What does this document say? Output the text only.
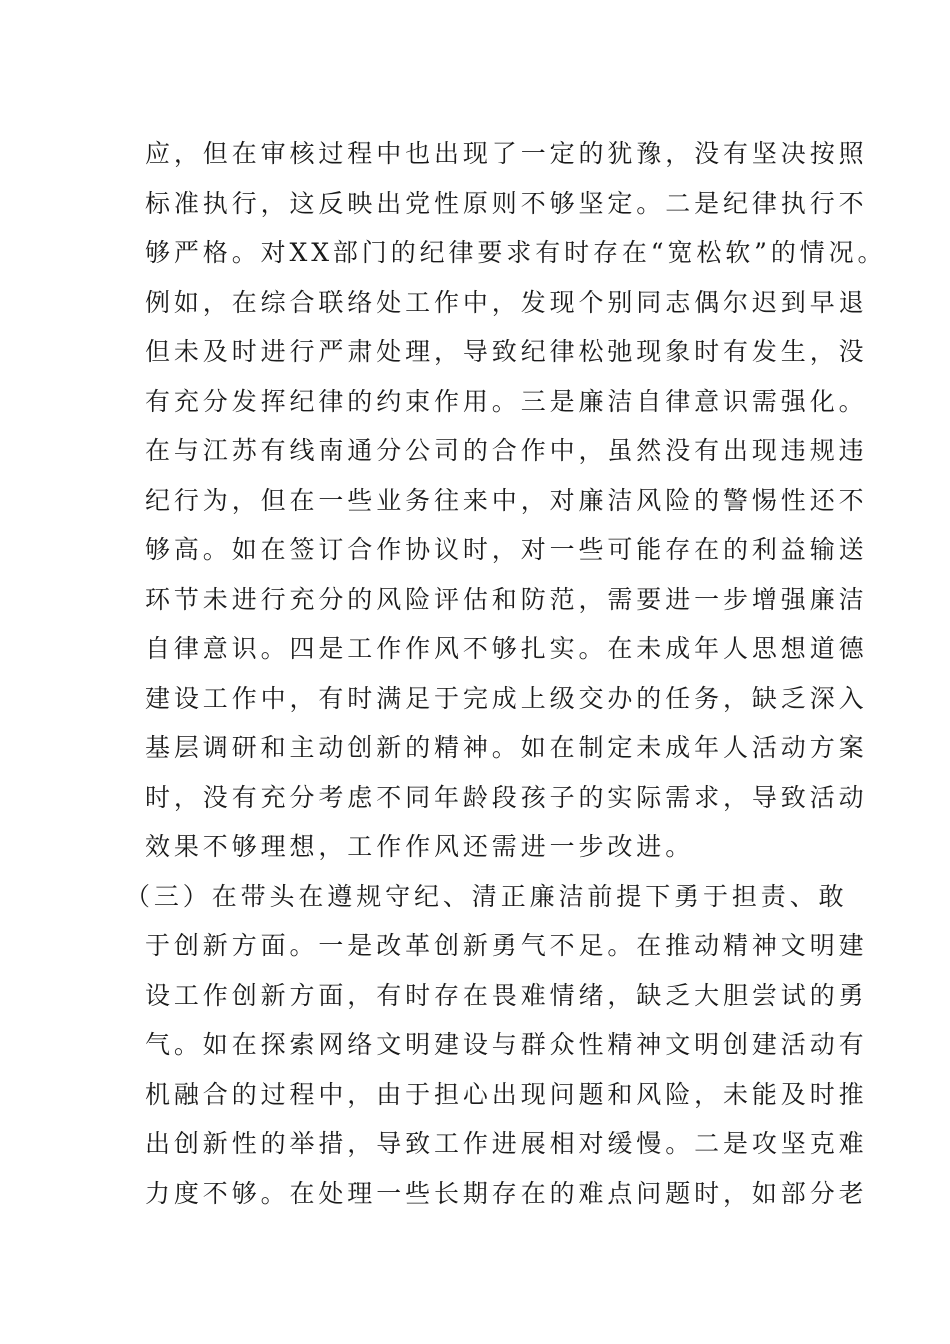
应，但在审核过程中也出现了一定的犹豫，没有坚决按照
标准执行，这反映出党性原则不够坚定。二是纪律执行不
够严格。对XX部门的纪律要求有时存在“宽松软”的情况。
例如，在综合联络处工作中，发现个别同志偶尔迟到早退
但未及时进行严肃处理，导致纪律松弛现象时有发生，没
有充分发挥纪律的约束作用。三是廉洁自律意识需强化。
在与江苏有线南通分公司的合作中，虽然没有出现违规违
纪行为，但在一些业务往来中，对廉洁风险的警惕性还不
够高。如在签订合作协议时，对一些可能存在的利益输送
环节未进行充分的风险评估和防范，需要进一步增强廉洁
自律意识。四是工作作风不够扎实。在未成年人思想道德
建设工作中，有时满足于完成上级交办的任务，缺乏深入
基层调研和主动创新的精神。如在制定未成年人活动方案
时，没有充分考虑不同年龄段孩子的实际需求，导致活动
效果不够理想，工作作风还需进一步改进。
（三）在带头在遵规守纪、清正廉洁前提下勇于担责、敢
于创新方面。一是改革创新勇气不足。在推动精神文明建
设工作创新方面，有时存在畏难情绪，缺乏大胆尝试的勇
气。如在探索网络文明建设与群众性精神文明创建活动有
机融合的过程中，由于担心出现问题和风险，未能及时推
出创新性的举措，导致工作进展相对缓慢。二是攻坚克难
力度不够。在处理一些长期存在的难点问题时，如部分老
